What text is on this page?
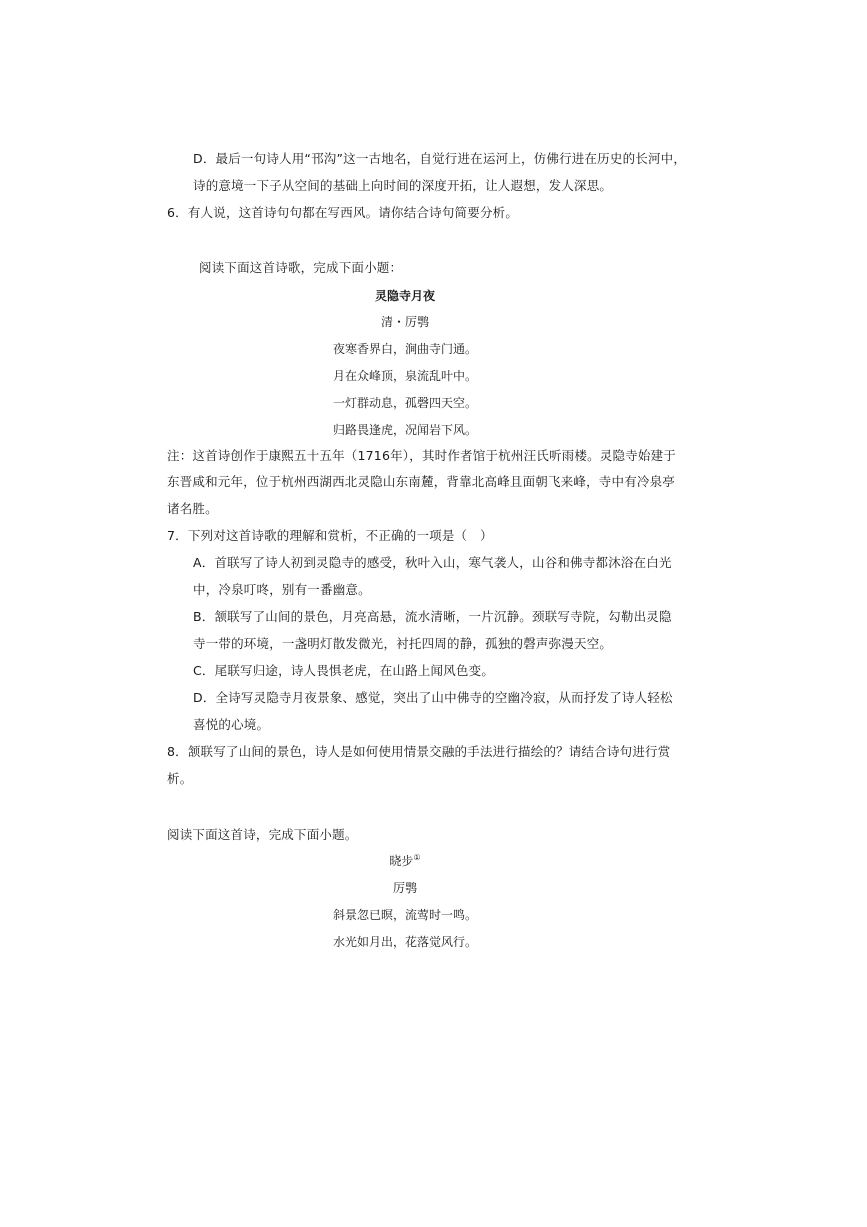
D．最后一句诗人用“邗沟”这一古地名，自觉行进在运河上，仿佛行进在历史的长河中，
诗的意境一下子从空间的基础上向时间的深度开拓，让人遐想，发人深思。
6．有人说，这首诗句句都在写西风。请你结合诗句简要分析。
阅读下面这首诗歌，完成下面小题：
灵隐寺月夜
清・厉鹗
夜寒香界白，涧曲寺门通。
月在众峰顶，泉流乱叶中。
一灯群动息，孤磬四天空。
归路畏逢虎，况闻岩下风。
注：这首诗创作于康熙五十五年（1716年），其时作者馆于杭州汪氏听雨楼。灵隐寺始建于
东晋咸和元年，位于杭州西湖西北灵隐山东南麓，背靠北高峰且面朝飞来峰，寺中有冷泉亭
诸名胜。
7．下列对这首诗歌的理解和赏析，不正确的一项是（　）
A．首联写了诗人初到灵隐寺的感受，秋叶入山，寒气袭人，山谷和佛寺都沐浴在白光
中，冷泉叮咚，别有一番幽意。
B．颔联写了山间的景色，月亮高悬，流水清晰，一片沉静。颈联写寺院，勾勒出灵隐
寺一带的环境，一盏明灯散发微光，衬托四周的静，孤独的磬声弥漫天空。
C．尾联写归途，诗人畏惧老虎，在山路上闻风色变。
D．全诗写灵隐寺月夜景象、感觉，突出了山中佛寺的空幽冷寂，从而抒发了诗人轻松
喜悦的心境。
8．颔联写了山间的景色，诗人是如何使用情景交融的手法进行描绘的？请结合诗句进行赏
析。
阅读下面这首诗，完成下面小题。
晓步①
厉鹗
斜景忽已暝，流莺时一鸣。
水光如月出，花落觉风行。
